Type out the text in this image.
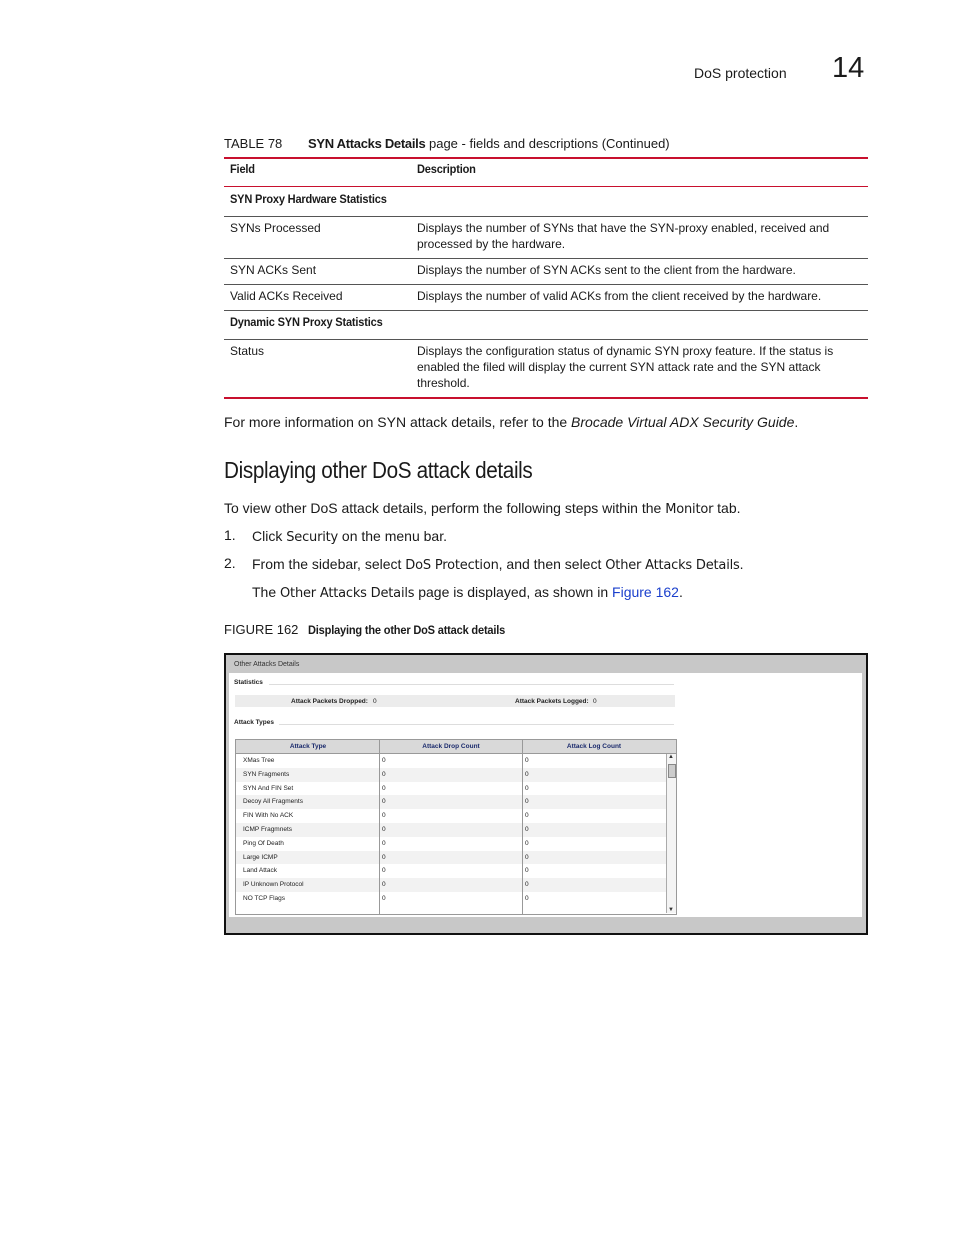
DoS protection 14
TABLE 78 SYN Attacks Details page - fields and descriptions (Continued)
Field	Description
SYN Proxy Hardware Statistics
SYNs Processed	Displays the number of SYNs that have the SYN-proxy enabled, received and processed by the hardware.
SYN ACKs Sent	Displays the number of SYN ACKs sent to the client from the hardware.
Valid ACKs Received	Displays the number of valid ACKs from the client received by the hardware.
Dynamic SYN Proxy Statistics
Status	Displays the configuration status of dynamic SYN proxy feature. If the status is enabled the filed will display the current SYN attack rate and the SYN attack threshold.
For more information on SYN attack details, refer to the Brocade Virtual ADX Security Guide.
Displaying other DoS attack details
To view other DoS attack details, perform the following steps within the Monitor tab.
1. Click Security on the menu bar.
2. From the sidebar, select DoS Protection, and then select Other Attacks Details.
The Other Attacks Details page is displayed, as shown in Figure 162.
FIGURE 162 Displaying the other DoS attack details
Other Attacks Details
Statistics
Attack Packets Dropped: 0	Attack Packets Logged: 0
Attack Types
Attack Type	Attack Drop Count	Attack Log Count
XMas Tree	0	0
SYN Fragments	0	0
SYN And FIN Set	0	0
Decoy All Fragments	0	0
FIN With No ACK	0	0
ICMP Fragmnets	0	0
Ping Of Death	0	0
Large ICMP	0	0
Land Attack	0	0
IP Unknown Protocol	0	0
NO TCP Flags	0	0
▲
▼
